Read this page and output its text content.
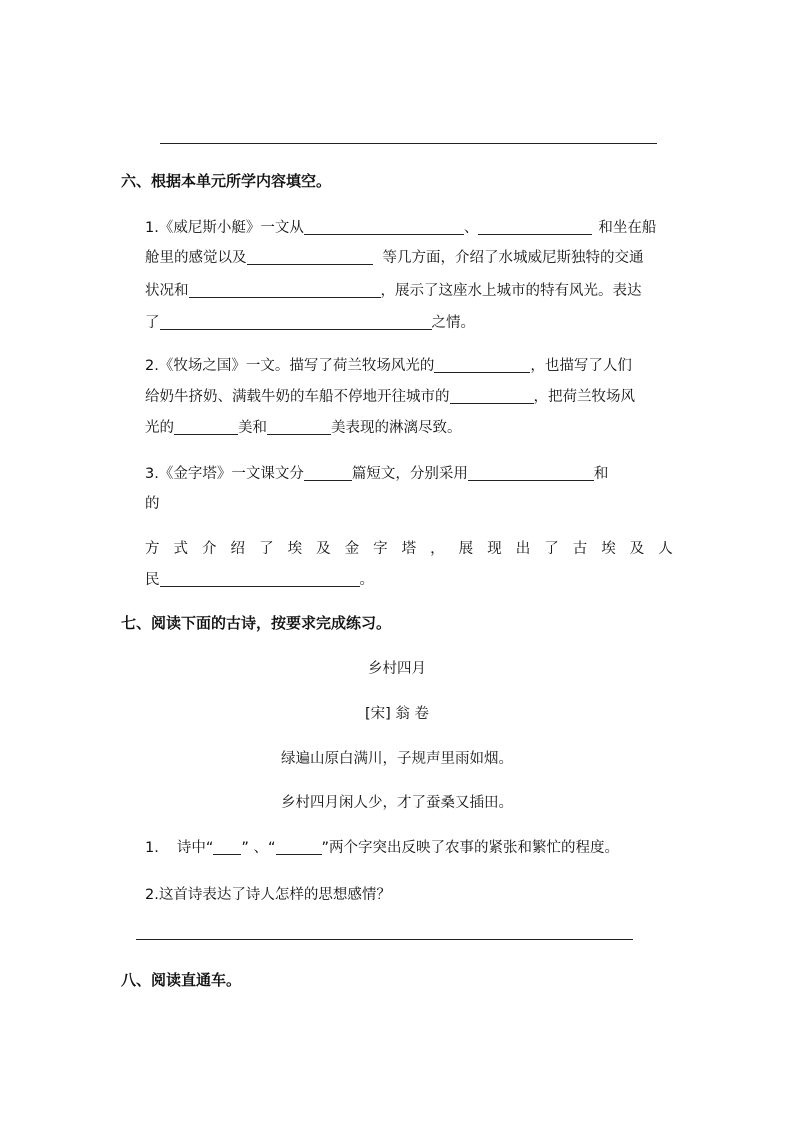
六、根据本单元所学内容填空。
1.《威尼斯小艇》一文从	、	和坐在船
舱里的感觉以及	等几方面，介绍了水城威尼斯独特的交通
状况和	，展示了这座水上城市的特有风光。表达
了	之情。
2.《牧场之国》一文。描写了荷兰牧场风光的	，也描写了人们
给奶牛挤奶、满载牛奶的车船不停地开往城市的	，把荷兰牧场风
光的	美和	美表现的淋漓尽致。
3.《金字塔》一文课文分	篇短文，分别采用	和
的
方 式 介 绍 了 埃 及 金 字 塔 ， 展 现 出 了 古 埃 及 人
民	。
七、阅读下面的古诗，按要求完成练习。
乡村四月
[宋] 翁 卷
绿遍山原白满川，子规声里雨如烟。
乡村四月闲人少，才了蚕桑又插田。
1. 诗中“ ” 、“	”两个字突出反映了农事的紧张和繁忙的程度。
2.这首诗表达了诗人怎样的思想感情？
八、阅读直通车。
